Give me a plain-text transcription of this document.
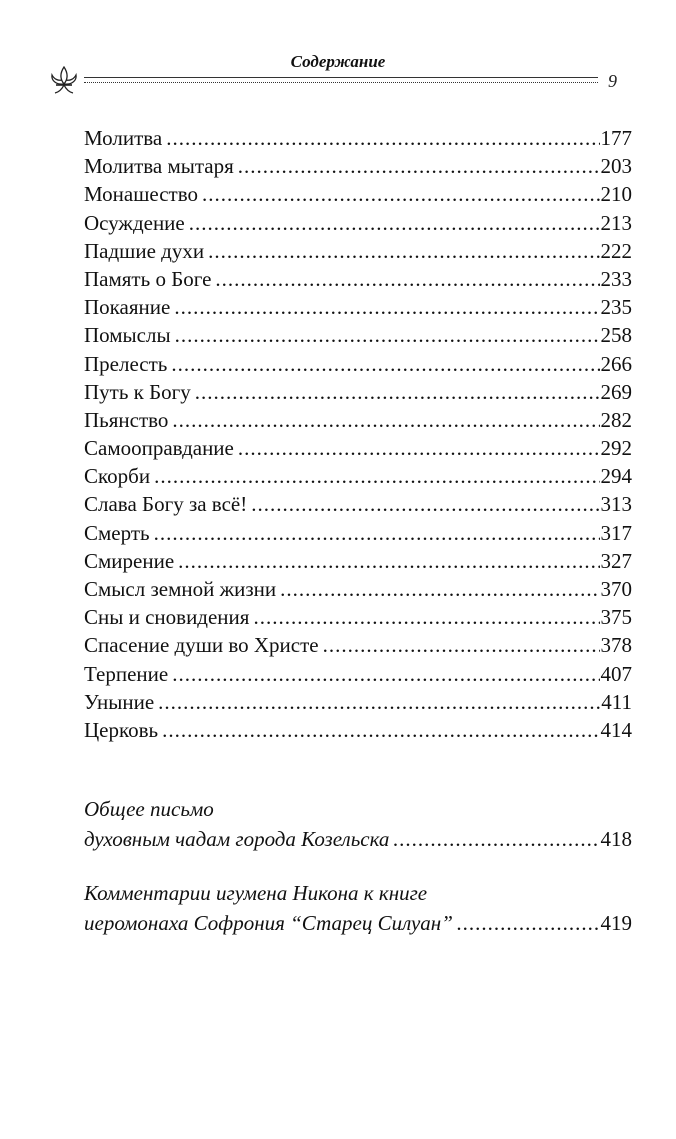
Содержание
9
Молитва .....	177
Молитва мытаря .....	203
Монашество .....	210
Осуждение .....	213
Падшие духи .....	222
Память о Боге .....	233
Покаяние .....	235
Помыслы .....	258
Прелесть .....	266
Путь к Богу .....	269
Пьянство .....	282
Самооправдание .....	292
Скорби .....	294
Слава Богу за всё! .....	313
Смерть .....	317
Смирение .....	327
Смысл земной жизни .....	370
Сны и сновидения .....	375
Спасение души во Христе .....	378
Терпение .....	407
Уныние .....	411
Церковь .....	414
Общее письмо
духовным чадам города Козельска .....	418
Комментарии игумена Никона к книге
иеромонаха Софрония “Старец Силуан” .....	419
